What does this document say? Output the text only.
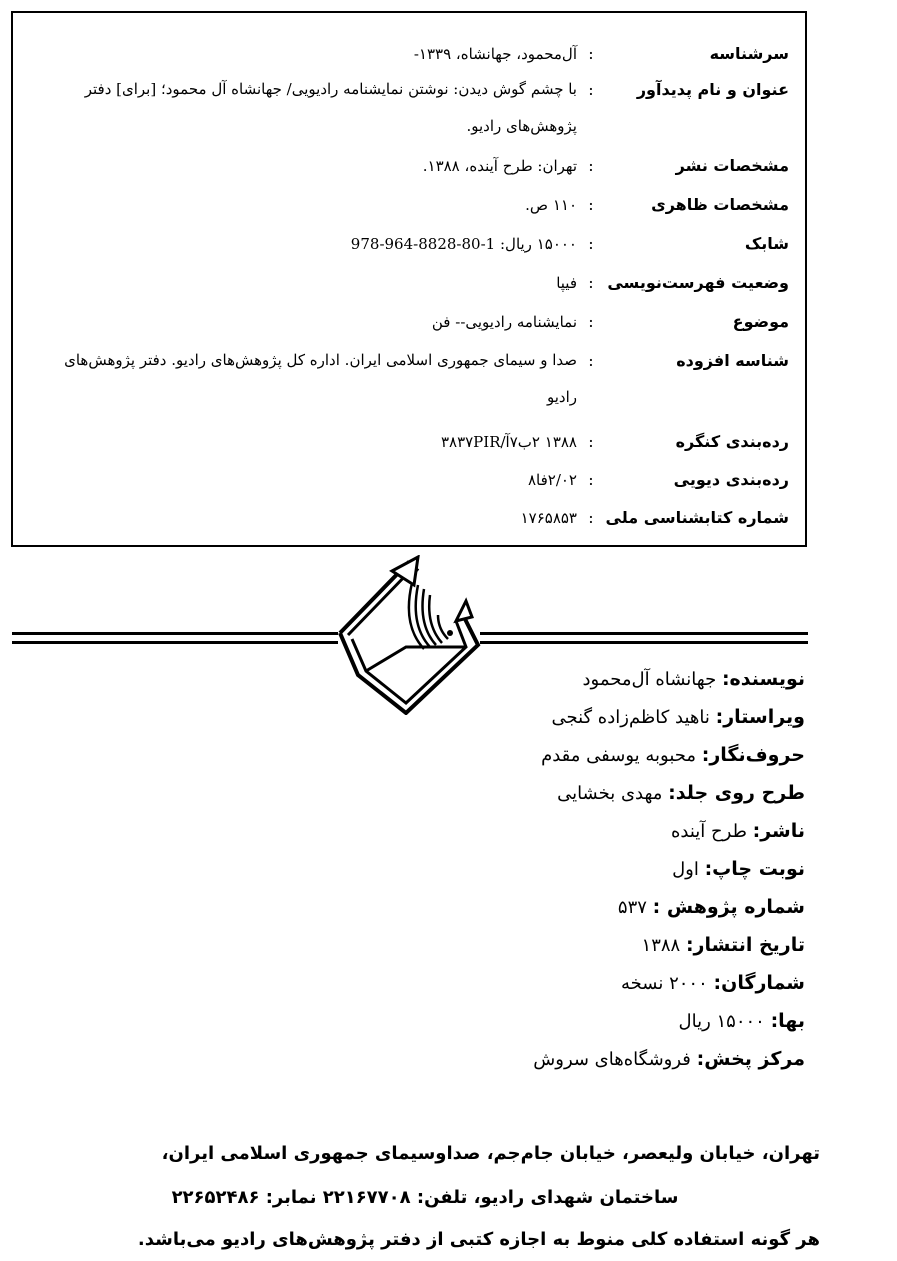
سرشناسه
:
آل‌محمود، جهانشاه، ۱۳۳۹-
عنوان و نام پدیدآور
:
با چشم گوش دیدن: نوشتن نمایشنامه رادیویی/ جهانشاه آل محمود؛ [برای] دفتر پژوهش‌های رادیو.
مشخصات نشر
:
تهران: طرح آینده، ۱۳۸۸.
مشخصات ظاهری
:
۱۱۰ ص.
شابک
:
۱۵۰۰۰ ریال: 1-80-8828-964-978
وضعیت فهرست‌نویسی
:
فیپا
موضوع
:
نمایشنامه رادیویی-- فن
شناسه افزوده
:
صدا و سیمای جمهوری اسلامی ایران. اداره کل پژوهش‌های رادیو. دفتر پژوهش‌های رادیو
رده‌بندی کنگره
:
۱۳۸۸ ۲ب۷آ/۳۸۳۷PIR
رده‌بندی دیویی
:
۲/۰۲فا۸
شماره کتابشناسی ملی
:
۱۷۶۵۸۵۳
نویسنده: جهانشاه آل‌محمود
ویراستار: ناهید کاظم‌زاده گنجی
حروف‌نگار: محبوبه یوسفی مقدم
طرح روی جلد: مهدی بخشایی
ناشر: طرح آینده
نوبت چاپ: اول
شماره پژوهش : ۵۳۷
تاریخ انتشار: ۱۳۸۸
شمارگان: ۲۰۰۰ نسخه
بها: ۱۵۰۰۰ ریال
مرکز پخش: فروشگاه‌های سروش
تهران، خیابان ولیعصر، خیابان جام‌جم، صداوسیمای جمهوری اسلامی ایران،
ساختمان شهدای رادیو، تلفن: ۲۲۱۶۷۷۰۸ نمابر: ۲۲۶۵۲۴۸۶
هر گونه استفاده کلی منوط به اجازه کتبی از دفتر پژوهش‌های رادیو می‌باشد.
